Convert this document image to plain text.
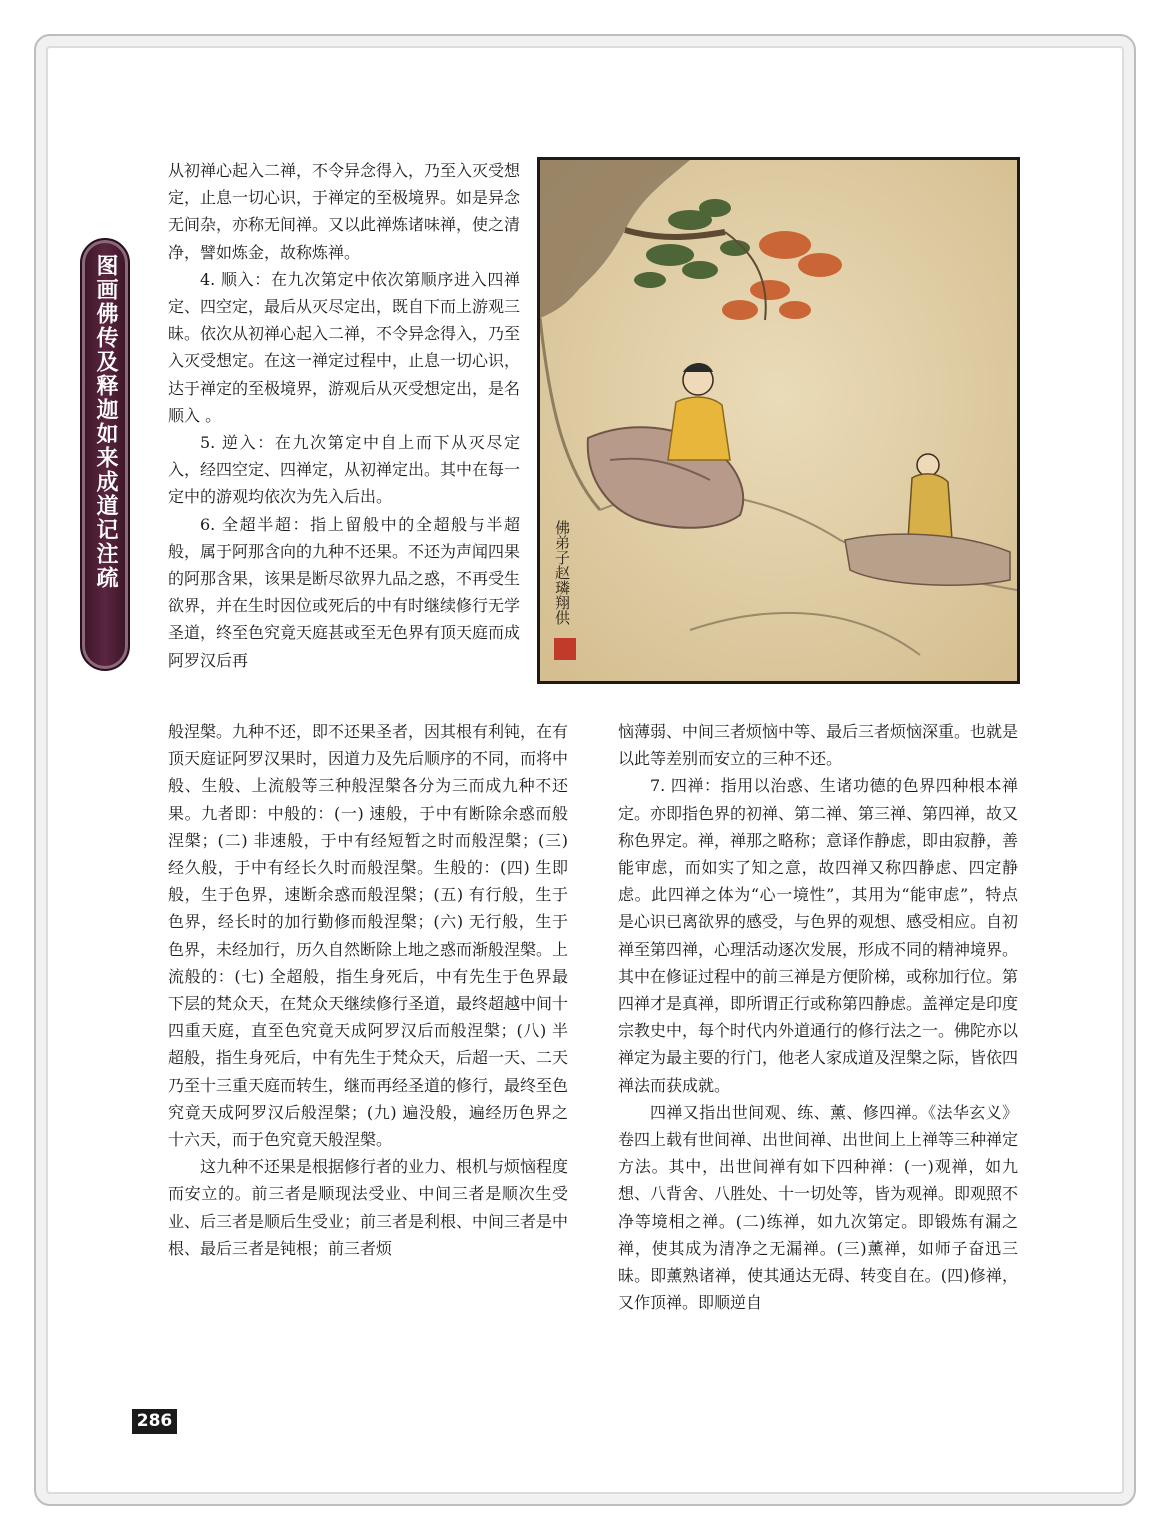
图画佛传及释迦如来成道记注疏

从初禅心起入二禅，不令异念得入，乃至入灭受想定，止息一切心识，于禅定的至极境界。如是异念无间杂，亦称无间禅。又以此禅炼诸味禅，使之清净，譬如炼金，故称炼禅。

4. 顺入：在九次第定中依次第顺序进入四禅定、四空定，最后从灭尽定出，既自下而上游观三昧。依次从初禅心起入二禅，不令异念得入，乃至入灭受想定。在这一禅定过程中，止息一切心识，达于禅定的至极境界，游观后从灭受想定出，是名顺入 。

5. 逆入：在九次第定中自上而下从灭尽定入，经四空定、四禅定，从初禅定出。其中在每一定中的游观均依次为先入后出。

6. 全超半超：指上留般中的全超般与半超般，属于阿那含向的九种不还果。不还为声闻四果的阿那含果，该果是断尽欲界九品之惑，不再受生欲界，并在生时因位或死后的中有时继续修行无学圣道，终至色究竟天庭甚或至无色界有顶天庭而成阿罗汉后再

般涅槃。九种不还，即不还果圣者，因其根有利钝，在有顶天庭证阿罗汉果时，因道力及先后顺序的不同，而将中般、生般、上流般等三种般涅槃各分为三而成九种不还果。九者即：中般的：(一) 速般，于中有断除余惑而般涅槃；(二) 非速般，于中有经短暂之时而般涅槃；(三) 经久般，于中有经长久时而般涅槃。生般的：(四) 生即般，生于色界，速断余惑而般涅槃；(五) 有行般，生于色界，经长时的加行勤修而般涅槃；(六) 无行般，生于色界，未经加行，历久自然断除上地之惑而渐般涅槃。上流般的：(七) 全超般，指生身死后，中有先生于色界最下层的梵众天，在梵众天继续修行圣道，最终超越中间十四重天庭，直至色究竟天成阿罗汉后而般涅槃；(八) 半超般，指生身死后，中有先生于梵众天，后超一天、二天乃至十三重天庭而转生，继而再经圣道的修行，最终至色究竟天成阿罗汉后般涅槃；(九) 遍没般，遍经历色界之十六天，而于色究竟天般涅槃。

这九种不还果是根据修行者的业力、根机与烦恼程度而安立的。前三者是顺现法受业、中间三者是顺次生受业、后三者是顺后生受业；前三者是利根、中间三者是中根、最后三者是钝根；前三者烦

恼薄弱、中间三者烦恼中等、最后三者烦恼深重。也就是以此等差别而安立的三种不还。

7. 四禅：指用以治惑、生诸功德的色界四种根本禅定。亦即指色界的初禅、第二禅、第三禅、第四禅，故又称色界定。禅，禅那之略称；意译作静虑，即由寂静，善能审虑，而如实了知之意，故四禅又称四静虑、四定静虑。此四禅之体为“心一境性”，其用为“能审虑”，特点是心识已离欲界的感受，与色界的观想、感受相应。自初禅至第四禅，心理活动逐次发展，形成不同的精神境界。其中在修证过程中的前三禅是方便阶梯，或称加行位。第四禅才是真禅，即所谓正行或称第四静虑。盖禅定是印度宗教史中，每个时代内外道通行的修行法之一。佛陀亦以禅定为最主要的行门，他老人家成道及涅槃之际，皆依四禅法而获成就。

四禅又指出世间观、练、薰、修四禅。《法华玄义》卷四上载有世间禅、出世间禅、出世间上上禅等三种禅定方法。其中，出世间禅有如下四种禅：(一)观禅，如九想、八背舍、八胜处、十一切处等，皆为观禅。即观照不净等境相之禅。(二)练禅，如九次第定。即锻炼有漏之禅，使其成为清净之无漏禅。(三)薰禅，如师子奋迅三昧。即薰熟诸禅，使其通达无碍、转变自在。(四)修禅，又作顶禅。即顺逆自

佛弟子赵璘翔供
286
